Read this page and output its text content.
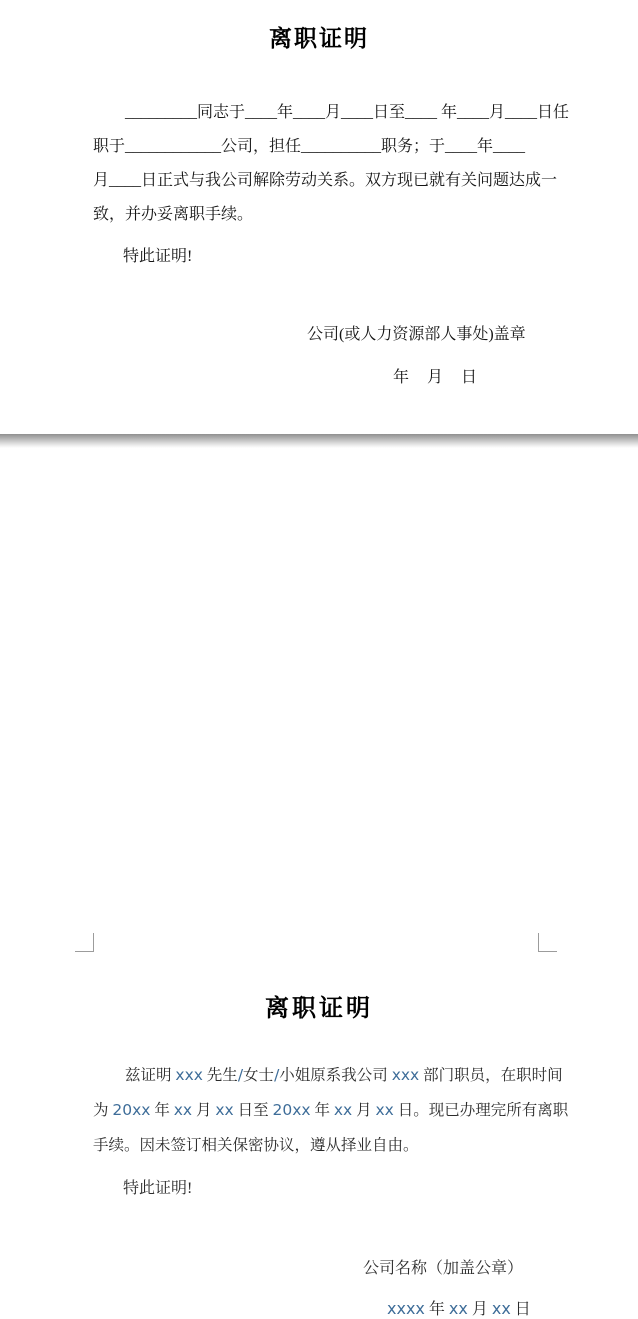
离职证明
_________同志于____年____月____日至____ 年____月____日任
职于____________公司，担任__________职务；于____年____
月____日正式与我公司解除劳动关系。双方现已就有关问题达成一
致，并办妥离职手续。
特此证明!
公司(或人力资源部人事处)盖章
年　月　日
离职证明
兹证明 xxx 先生/女士/小姐原系我公司 xxx 部门职员，在职时间
为 20xx 年 xx 月 xx 日至 20xx 年 xx 月 xx 日。现已办理完所有离职
手续。因未签订相关保密协议，遵从择业自由。
特此证明!
公司名称（加盖公章）
xxxx 年 xx 月 xx 日
